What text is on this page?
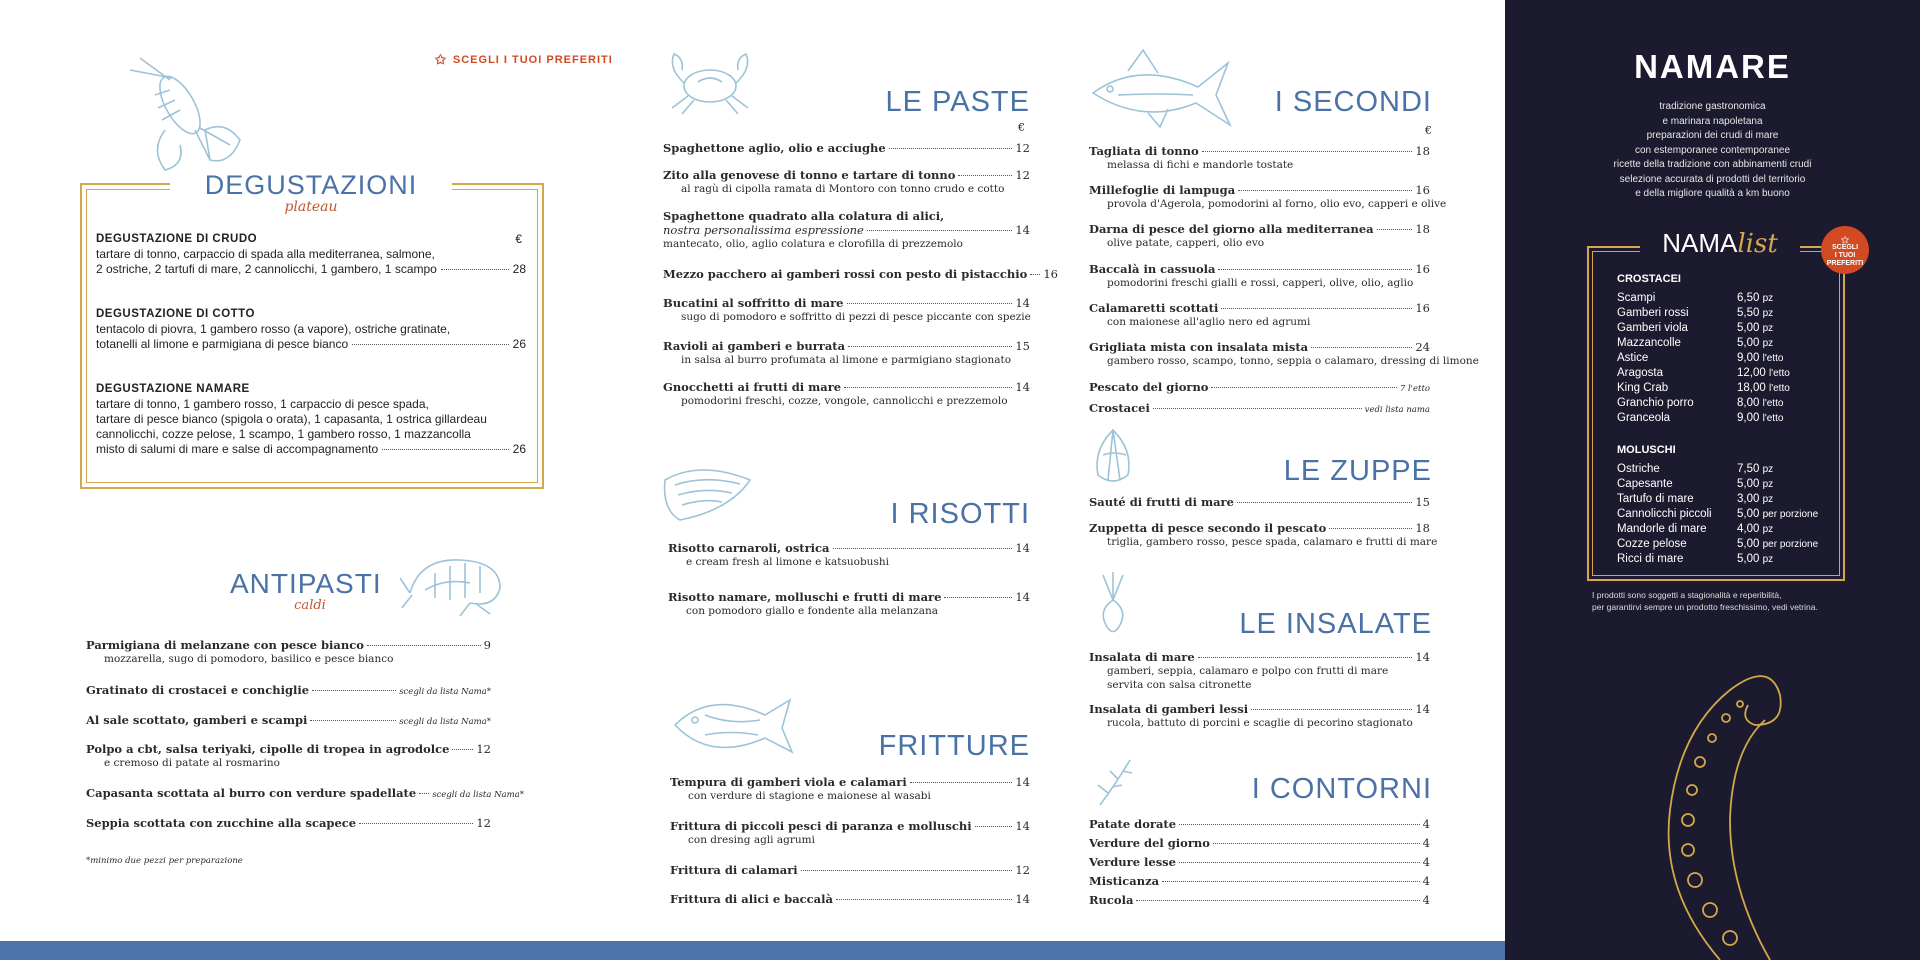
✩ SCEGLI I TUOI PREFERITI
DEGUSTAZIONI
plateau
DEGUSTAZIONE DI CRUDO	€
tartare di tonno, carpaccio di spada alla mediterranea, salmone,
2 ostriche, 2 tartufi di mare, 2 cannolicchi, 1 gambero, 1 scampo	28
DEGUSTAZIONE DI COTTO
tentacolo di piovra, 1 gambero rosso (a vapore), ostriche gratinate,
totanelli al limone e parmigiana di pesce bianco	26
DEGUSTAZIONE NAMARE
tartare di tonno, 1 gambero rosso, 1 carpaccio di pesce spada,
tartare di pesce bianco (spigola o orata), 1 capasanta, 1 ostrica gillardeau
cannolicchi, cozze pelose, 1 scampo, 1 gambero rosso, 1 mazzancolla
misto di salumi di mare e salse di accompagnamento	26
ANTIPASTI
caldi
Parmigiana di melanzane con pesce bianco	9
mozzarella, sugo di pomodoro, basilico e pesce bianco
Gratinato di crostacei e conchiglie	scegli da lista Nama*
Al sale scottato, gamberi e scampi	scegli da lista Nama*
Polpo a cbt, salsa teriyaki, cipolle di tropea in agrodolce 12
e cremoso di patate al rosmarino
Capasanta scottata al burro con verdure spadellate scegli da lista Nama*
Seppia scottata con zucchine alla scapece	12
*minimo due pezzi per preparazione
LE PASTE
€
Spaghettone aglio, olio e acciughe	12
Zito alla genovese di tonno e tartare di tonno	12
al ragù di cipolla ramata di Montoro con tonno crudo e cotto
Spaghettone quadrato alla colatura di alici,
nostra personalissima espressione	14
mantecato, olio, aglio colatura e clorofilla di prezzemolo
Mezzo pacchero ai gamberi rossi con pesto di pistacchio 16
Bucatini al soffritto di mare	14
sugo di pomodoro e soffritto di pezzi di pesce piccante con spezie
Ravioli ai gamberi e burrata	15
in salsa al burro profumata al limone e parmigiano stagionato
Gnocchetti ai frutti di mare	14
pomodorini freschi, cozze, vongole, cannolicchi e prezzemolo
I RISOTTI
Risotto carnaroli, ostrica	14
e cream fresh al limone e katsuobushi
Risotto namare, molluschi e frutti di mare	14
con pomodoro giallo e fondente alla melanzana
FRITTURE
Tempura di gamberi viola e calamari	14
con verdure di stagione e maionese al wasabi
Frittura di piccoli pesci di paranza e molluschi	14
con dresing agli agrumi
Frittura di calamari	12
Frittura di alici e baccalà	14
I SECONDI
€
Tagliata di tonno	18
melassa di fichi e mandorle tostate
Millefoglie di lampuga	16
provola d'Agerola, pomodorini al forno, olio evo, capperi e olive
Darna di pesce del giorno alla mediterranea	18
olive patate, capperi, olio evo
Baccalà in cassuola	16
pomodorini freschi gialli e rossi, capperi, olive, olio, aglio
Calamaretti scottati	16
con maionese all'aglio nero ed agrumi
Grigliata mista con insalata mista	24
gambero rosso, scampo, tonno, seppia o calamaro, dressing di limone
Pescato del giorno	7 l'etto
Crostacei	vedi lista nama
LE ZUPPE
Sauté di frutti di mare	15
Zuppetta di pesce secondo il pescato	18
triglia, gambero rosso, pesce spada, calamaro e frutti di mare
LE INSALATE
Insalata di mare	14
gamberi, seppia, calamaro e polpo con frutti di mare
servita con salsa citronette
Insalata di gamberi lessi	14
rucola, battuto di porcini e scaglie di pecorino stagionato
I CONTORNI
Patate dorate	4
Verdure del giorno	4
Verdure lesse	4
Misticanza	4
Rucola	4
NAMARE
tradizione gastronomica
e marinara napoletana
preparazioni dei crudi di mare
con estemporanee contemporanee
ricette della tradizione con abbinamenti crudi
selezione accurata di prodotti del territorio
e della migliore qualità a km buono
NAMAlist	✩
SCEGLI
I TUOI
PREFERITI
CROSTACEI
Scampi	6,50 pz
Gamberi rossi	5,50 pz
Gamberi viola	5,00 pz
Mazzancolle	5,00 pz
Astice	9,00 l'etto
Aragosta	12,00 l'etto
King Crab	18,00 l'etto
Granchio porro	8,00 l'etto
Granceola	9,00 l'etto
MOLUSCHI
Ostriche	7,50 pz
Capesante	5,00 pz
Tartufo di mare	3,00 pz
Cannolicchi piccoli	5,00 per porzione
Mandorle di mare	4,00 pz
Cozze pelose	5,00 per porzione
Ricci di mare	5,00 pz
I prodotti sono soggetti a stagionalità e reperibilità,
per garantirvi sempre un prodotto freschissimo, vedi vetrina.
